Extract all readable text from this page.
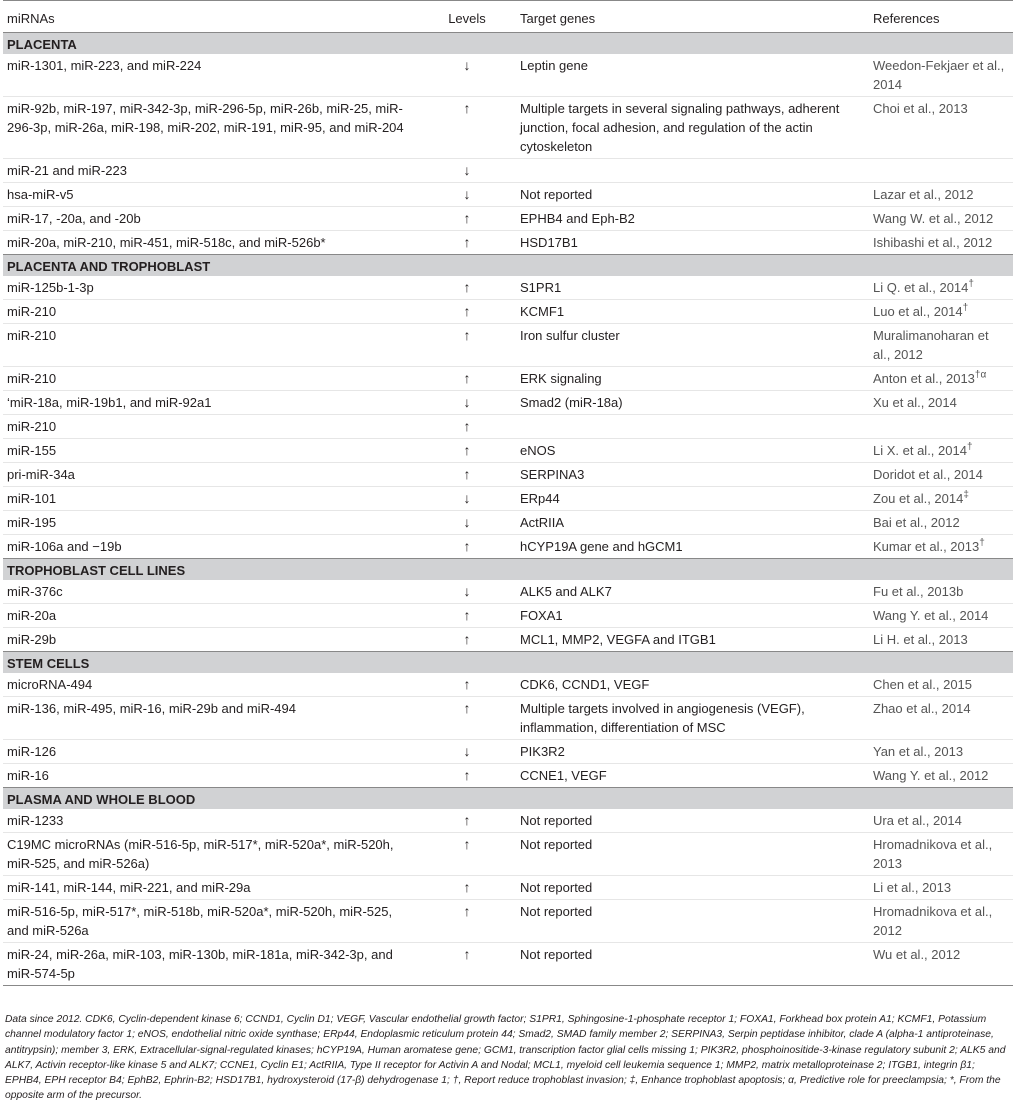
miRNAs	Levels	Target genes	References
PLACENTA			
miR-1301, miR-223, and miR-224	↓	Leptin gene	Weedon-Fekjaer et al., 2014
miR-92b, miR-197, miR-342-3p, miR-296-5p, miR-26b, miR-25, miR-296-3p, miR-26a, miR-198, miR-202, miR-191, miR-95, and miR-204	↑	Multiple targets in several signaling pathways, adherent junction, focal adhesion, and regulation of the actin cytoskeleton	Choi et al., 2013
miR-21 and miR-223	↓		
hsa-miR-v5	↓	Not reported	Lazar et al., 2012
miR-17, -20a, and -20b	↑	EPHB4 and Eph-B2	Wang W. et al., 2012
miR-20a, miR-210, miR-451, miR-518c, and miR-526b*	↑	HSD17B1	Ishibashi et al., 2012
PLACENTA AND TROPHOBLAST			
miR-125b-1-3p	↑	S1PR1	Li Q. et al., 2014†
miR-210	↑	KCMF1	Luo et al., 2014†
miR-210	↑	Iron sulfur cluster	Muralimanoharan et al., 2012
miR-210	↑	ERK signaling	Anton et al., $2013^{\dagger\alpha}$
‘miR-18a, miR-19b1, and miR-92a1	↓	Smad2 (miR-18a)	Xu et al., 2014
miR-210	↑		
miR-155	↑	eNOS	Li X. et al., 2014†
pri-miR-34a	↑	SERPINA3	Doridot et al., 2014
miR-101	↓	ERp44	Zou et al., 2014‡
miR-195	↓	ActRIIA	Bai et al., 2012
miR-106a and −19b	↑	hCYP19A gene and hGCM1	Kumar et al., 2013†
TROPHOBLAST CELL LINES			
miR-376c	↓	ALK5 and ALK7	Fu et al., 2013b
miR-20a	↑	FOXA1	Wang Y. et al., 2014
miR-29b	↑	MCL1, MMP2, VEGFA and ITGB1	Li H. et al., 2013
STEM CELLS			
microRNA-494	↑	CDK6, CCND1, VEGF	Chen et al., 2015
miR-136, miR-495, miR-16, miR-29b and miR-494	↑	Multiple targets involved in angiogenesis (VEGF), inflammation, differentiation of MSC	Zhao et al., 2014
miR-126	↓	PIK3R2	Yan et al., 2013
miR-16	↑	CCNE1, VEGF	Wang Y. et al., 2012
PLASMA AND WHOLE BLOOD			
miR-1233	↑	Not reported	Ura et al., 2014
C19MC microRNAs (miR-516-5p, miR-517*, miR-520a*, miR-520h, miR-525, and miR-526a)	↑	Not reported	Hromadnikova et al., 2013
miR-141, miR-144, miR-221, and miR-29a	↑	Not reported	Li et al., 2013
miR-516-5p, miR-517*, miR-518b, miR-520a*, miR-520h, miR-525, and miR-526a	↑	Not reported	Hromadnikova et al., 2012
miR-24, miR-26a, miR-103, miR-130b, miR-181a, miR-342-3p, and miR-574-5p	↑	Not reported	Wu et al., 2012
Data since 2012. CDK6, Cyclin-dependent kinase 6; CCND1, Cyclin D1; VEGF, Vascular endothelial growth factor; S1PR1, Sphingosine-1-phosphate receptor 1; FOXA1, Forkhead box protein A1; KCMF1, Potassium channel modulatory factor 1; eNOS, endothelial nitric oxide synthase; ERp44, Endoplasmic reticulum protein 44; Smad2, SMAD family member 2; SERPINA3, Serpin peptidase inhibitor, clade A (alpha-1 antiproteinase, antitrypsin); member 3, ERK, Extracellular-signal-regulated kinases; hCYP19A, Human aromatese gene; GCM1, transcription factor glial cells missing 1; PIK3R2, phosphoinositide-3-kinase regulatory subunit 2; ALK5 and ALK7, Activin receptor-like kinase 5 and ALK7; CCNE1, Cyclin E1; ActRIIA, Type II receptor for Activin A and Nodal; MCL1, myeloid cell leukemia sequence 1; MMP2, matrix metalloproteinase 2; ITGB1, integrin β1; EPHB4, EPH receptor B4; EphB2, Ephrin-B2; HSD17B1, hydroxysteroid (17-β) dehydrogenase 1; †, Report reduce trophoblast invasion; ‡, Enhance trophoblast apoptosis; α, Predictive role for preeclampsia; *, From the opposite arm of the precursor.
